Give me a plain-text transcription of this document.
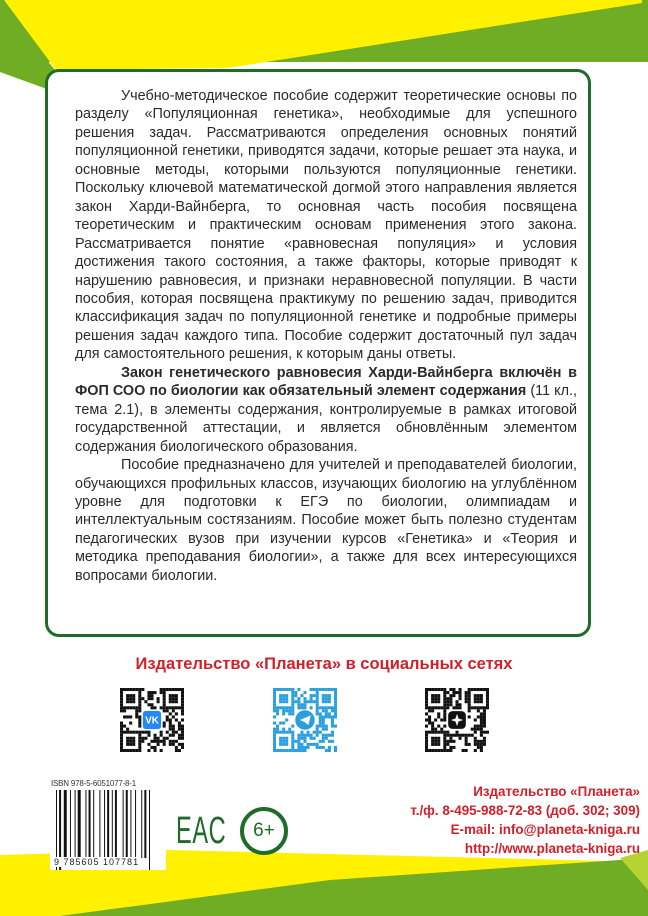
Учебно-методическое пособие содержит теоретические основы по разделу «Популяционная генетика», необходимые для успешного решения задач. Рассматриваются определения основных понятий популяционной генетики, приводятся задачи, которые решает эта наука, и основные методы, которыми пользуются популяционные генетики. Поскольку ключевой математической догмой этого направления является закон Харди-Вайнберга, то основная часть пособия посвящена теоретическим и практическим основам применения этого закона. Рассматривается понятие «равновесная популяция» и условия достижения такого состояния, а также факторы, которые приводят к нарушению равновесия, и признаки неравновесной популяции. В части пособия, которая посвящена практикуму по решению задач, приводится классификация задач по популяционной генетике и подробные примеры решения задач каждого типа. Пособие содержит достаточный пул задач для самостоятельного решения, к которым даны ответы.

Закон генетического равновесия Харди-Вайнберга включён в ФОП СОО по биологии как обязательный элемент содержания (11 кл., тема 2.1), в элементы содержания, контролируемые в рамках итоговой государственной аттестации, и является обновлённым элементом содержания биологического образования.

Пособие предназначено для учителей и преподавателей биологии, обучающихся профильных классов, изучающих биологию на углублённом уровне для подготовки к ЕГЭ по биологии, олимпиадам и интеллектуальным состязаниям. Пособие может быть полезно студентам педагогических вузов при изучении курсов «Генетика» и «Теория и методика преподавания биологии», а также для всех интересующихся вопросами биологии.

Издательство «Планета» в социальных сетях
VK
ISBN 978-5-6051077-8-1
9 785605 107781
EAC	6+
Издательство «Планета»
т./ф. 8-495-988-72-83 (доб. 302; 309)
E-mail: info@planeta-kniga.ru
http://www.planeta-kniga.ru
